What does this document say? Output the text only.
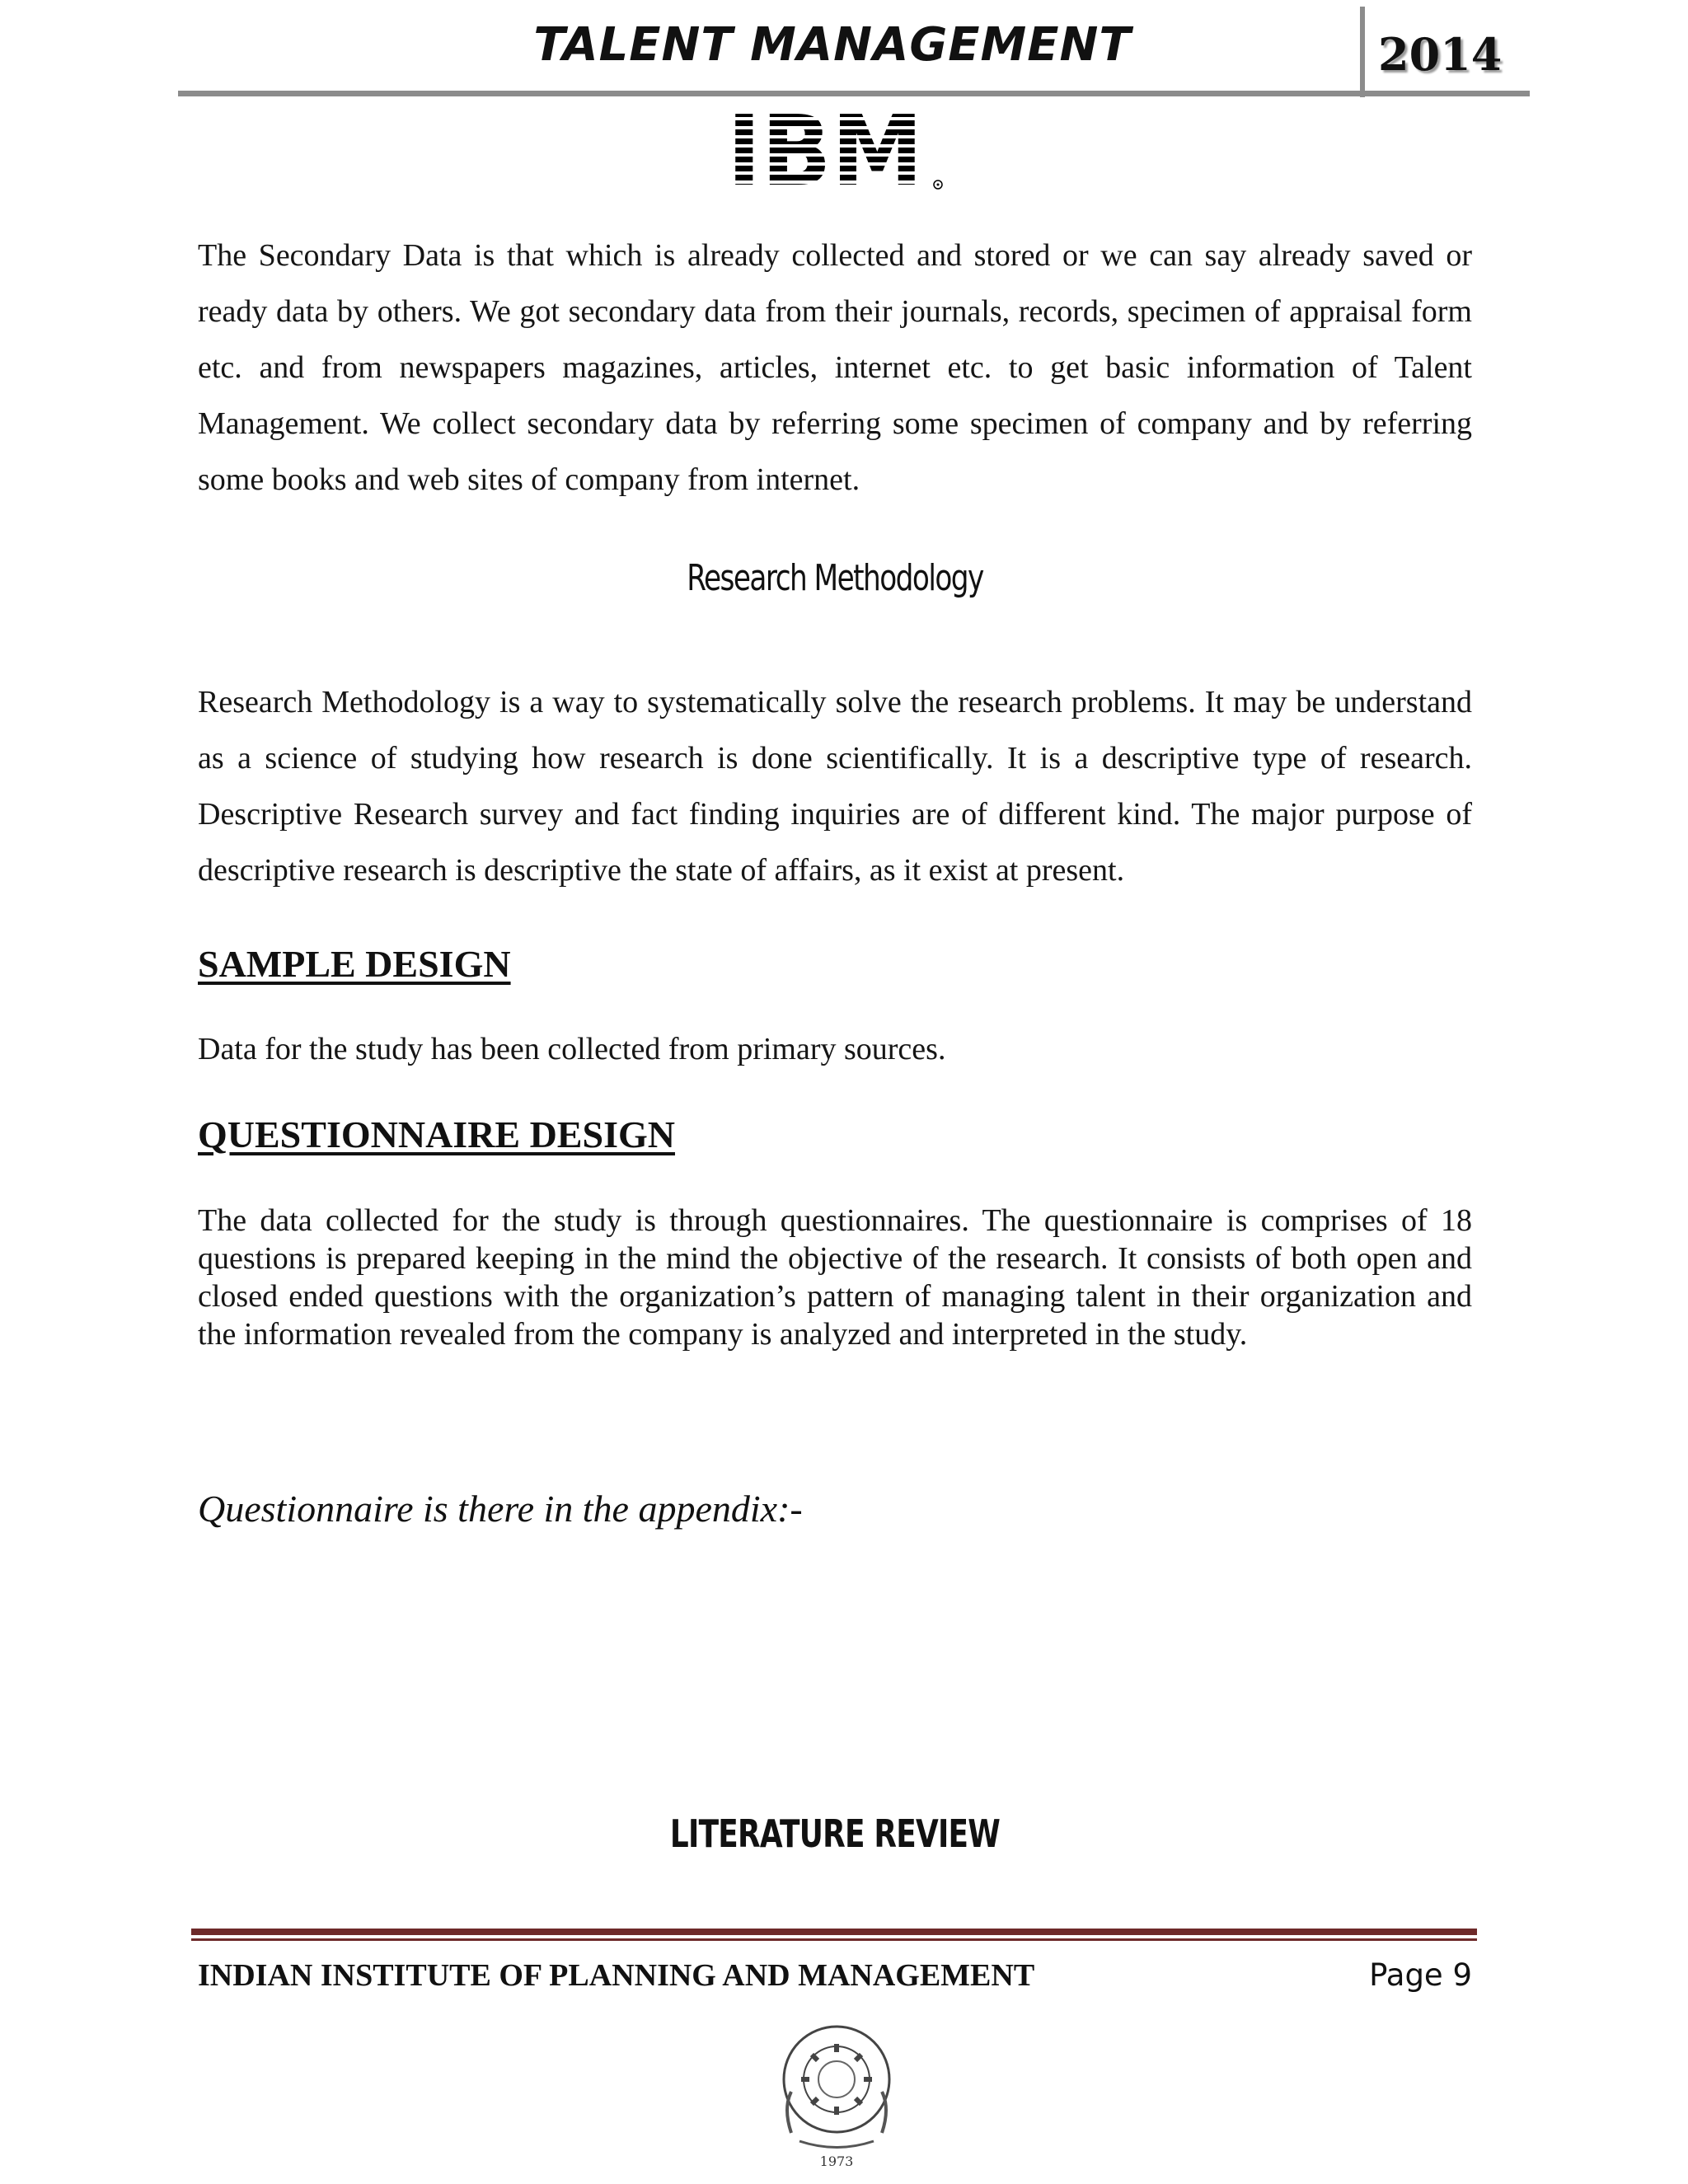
TALENT MANAGEMENT	2014
The Secondary Data is that which is already collected and stored or we can say already saved or ready data by others. We got secondary data from their journals, records, specimen of appraisal form etc. and from newspapers magazines, articles, internet etc. to get basic information of Talent Management. We collect secondary data by referring some specimen of company and by referring some books and web sites of company from internet.
Research Methodology
Research Methodology is a way to systematically solve the research problems. It may be understand as a science of studying how research is done scientifically. It is a descriptive type of research. Descriptive Research survey and fact finding inquiries are of different kind. The major purpose of descriptive research is descriptive the state of affairs, as it exist at present.
SAMPLE DESIGN
Data for the study has been collected from primary sources.
QUESTIONNAIRE DESIGN
The data collected for the study is through questionnaires. The questionnaire is comprises of 18 questions is prepared keeping in the mind the objective of the research. It consists of both open and closed ended questions with the organization’s pattern of managing talent in their organization and the information revealed from the company is analyzed and interpreted in the study.
Questionnaire is there in the appendix:-
LITERATURE REVIEW
INDIAN INSTITUTE OF PLANNING AND MANAGEMENT	Page 9
1973
